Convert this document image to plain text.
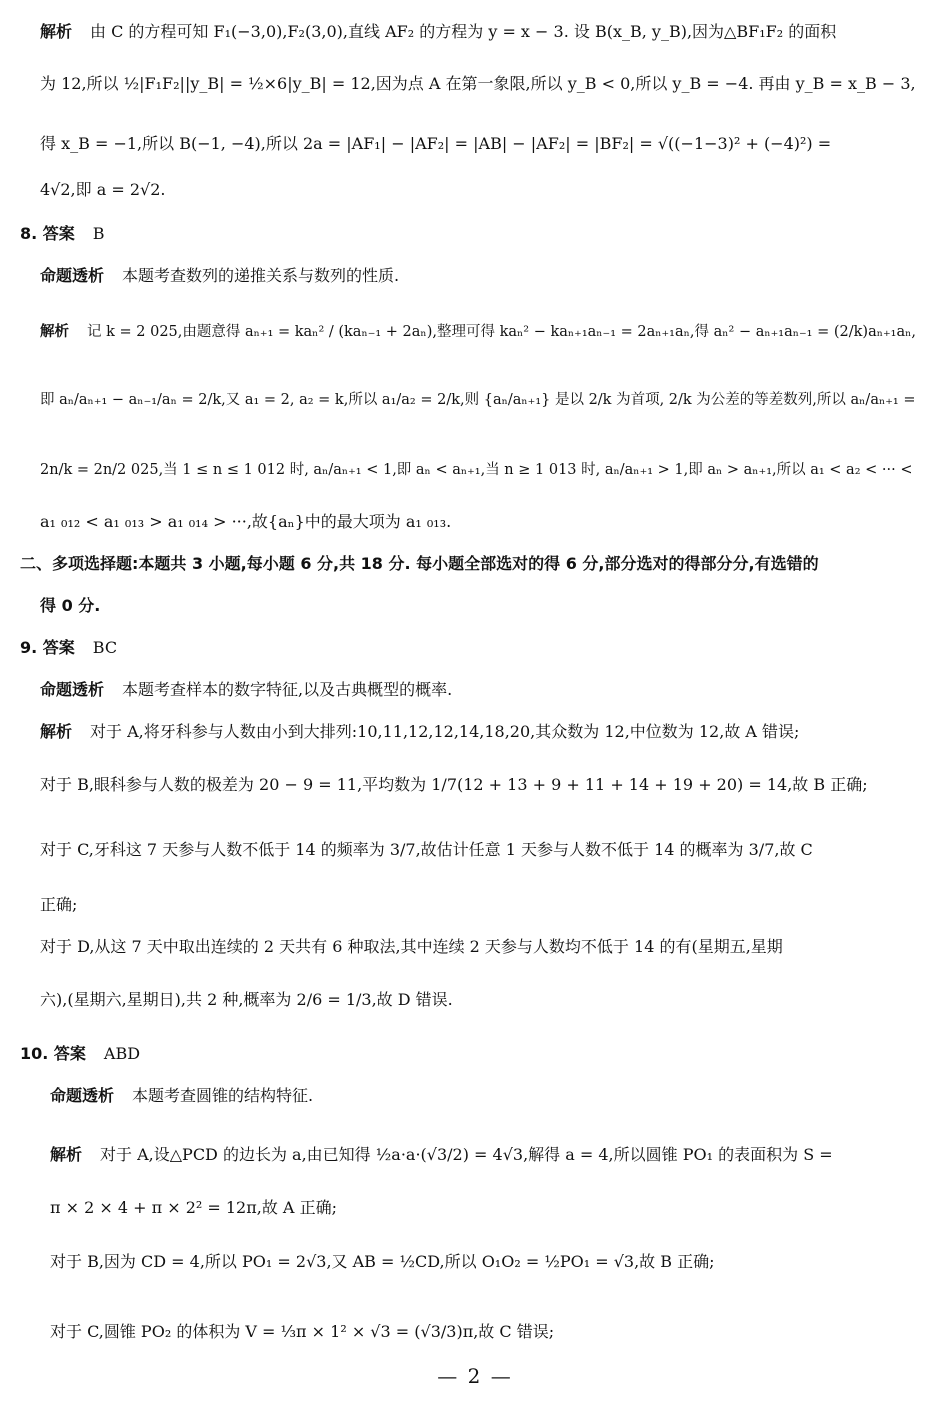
解析 由 C 的方程可知 F₁(−3,0),F₂(3,0),直线 AF₂ 的方程为 y = x − 3. 设 B(x_B, y_B),因为△BF₁F₂ 的面积
为 12,所以 ½|F₁F₂||y_B| = ½×6|y_B| = 12,因为点 A 在第一象限,所以 y_B < 0,所以 y_B = −4. 再由 y_B = x_B − 3,
得 x_B = −1,所以 B(−1, −4),所以 2a = |AF₁| − |AF₂| = |AB| − |AF₂| = |BF₂| = √((−1−3)² + (−4)²) =
4√2,即 a = 2√2.
8. 答案 B
命题透析 本题考查数列的递推关系与数列的性质.
解析 记 k = 2 025,由题意得 aₙ₊₁ = kaₙ² / (kaₙ₋₁ + 2aₙ),整理可得 kaₙ² − kaₙ₊₁aₙ₋₁ = 2aₙ₊₁aₙ,得 aₙ² − aₙ₊₁aₙ₋₁ = (2/k)aₙ₊₁aₙ,
即 aₙ/aₙ₊₁ − aₙ₋₁/aₙ = 2/k,又 a₁ = 2, a₂ = k,所以 a₁/a₂ = 2/k,则 {aₙ/aₙ₊₁} 是以 2/k 为首项, 2/k 为公差的等差数列,所以 aₙ/aₙ₊₁ =
2n/k = 2n/2 025,当 1 ≤ n ≤ 1 012 时, aₙ/aₙ₊₁ < 1,即 aₙ < aₙ₊₁,当 n ≥ 1 013 时, aₙ/aₙ₊₁ > 1,即 aₙ > aₙ₊₁,所以 a₁ < a₂ < ··· <
a₁ ₀₁₂ < a₁ ₀₁₃ > a₁ ₀₁₄ > ···,故{aₙ}中的最大项为 a₁ ₀₁₃.
二、多项选择题:本题共 3 小题,每小题 6 分,共 18 分. 每小题全部选对的得 6 分,部分选对的得部分分,有选错的
得 0 分.
9. 答案 BC
命题透析 本题考查样本的数字特征,以及古典概型的概率.
解析 对于 A,将牙科参与人数由小到大排列:10,11,12,12,14,18,20,其众数为 12,中位数为 12,故 A 错误;
对于 B,眼科参与人数的极差为 20 − 9 = 11,平均数为 1/7(12 + 13 + 9 + 11 + 14 + 19 + 20) = 14,故 B 正确;
对于 C,牙科这 7 天参与人数不低于 14 的频率为 3/7,故估计任意 1 天参与人数不低于 14 的概率为 3/7,故 C
正确;
对于 D,从这 7 天中取出连续的 2 天共有 6 种取法,其中连续 2 天参与人数均不低于 14 的有(星期五,星期
六),(星期六,星期日),共 2 种,概率为 2/6 = 1/3,故 D 错误.
10. 答案 ABD
命题透析 本题考查圆锥的结构特征.
解析 对于 A,设△PCD 的边长为 a,由已知得 ½a·a·(√3/2) = 4√3,解得 a = 4,所以圆锥 PO₁ 的表面积为 S =
π × 2 × 4 + π × 2² = 12π,故 A 正确;
对于 B,因为 CD = 4,所以 PO₁ = 2√3,又 AB = ½CD,所以 O₁O₂ = ½PO₁ = √3,故 B 正确;
对于 C,圆锥 PO₂ 的体积为 V = ⅓π × 1² × √3 = (√3/3)π,故 C 错误;
— 2 —
